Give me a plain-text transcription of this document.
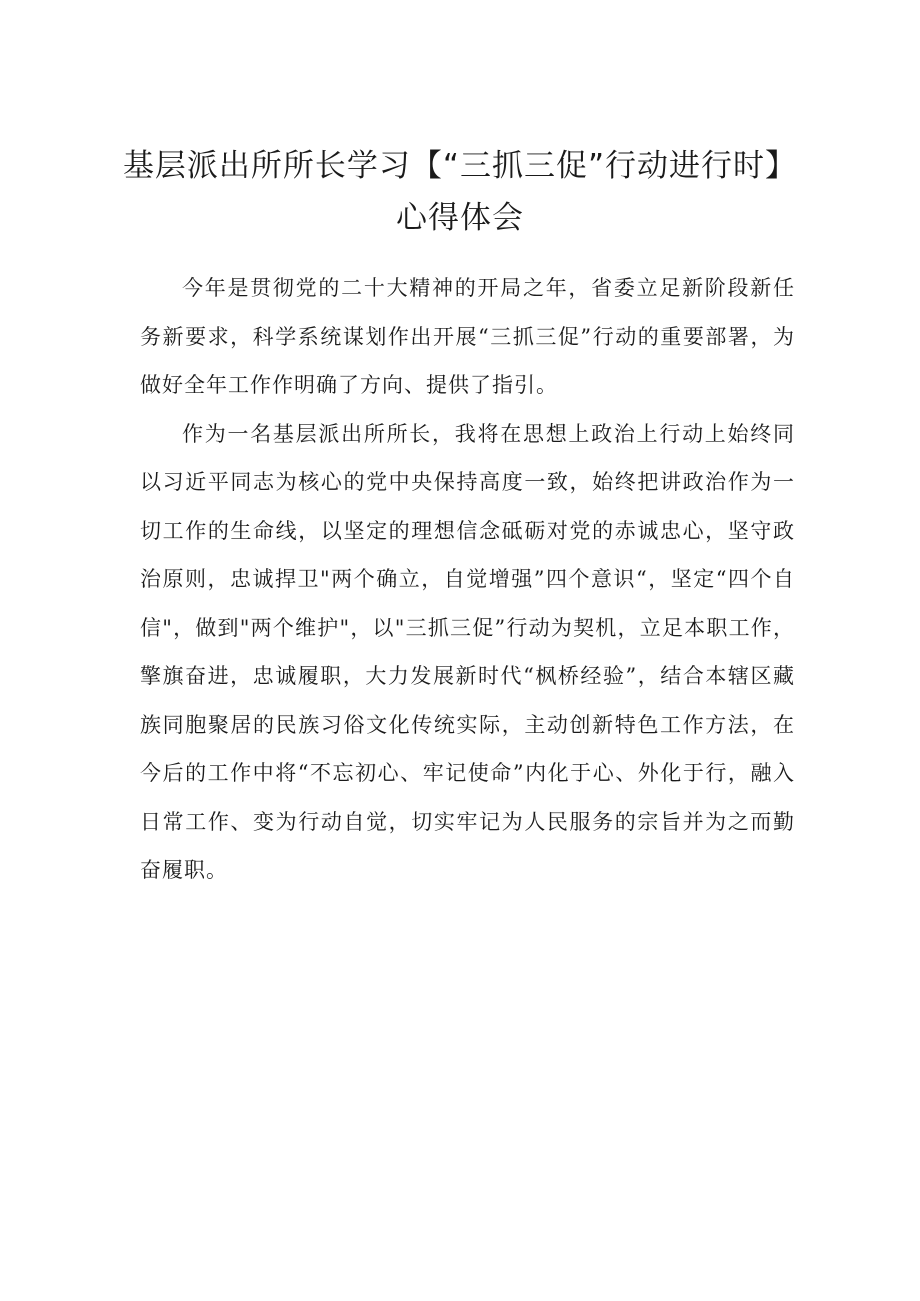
基层派出所所长学习【“三抓三促”行动进行时】心得体会

今年是贯彻党的二十大精神的开局之年，省委立足新阶段新任务新要求，科学系统谋划作出开展“三抓三促”行动的重要部署，为做好全年工作作明确了方向、提供了指引。

作为一名基层派出所所长，我将在思想上政治上行动上始终同以习近平同志为核心的党中央保持高度一致，始终把讲政治作为一切工作的生命线，以坚定的理想信念砥砺对党的赤诚忠心，坚守政治原则，忠诚捍卫"两个确立，自觉增强”四个意识“，坚定“四个自信"，做到"两个维护"，以"三抓三促”行动为契机，立足本职工作，擎旗奋进，忠诚履职，大力发展新时代“枫桥经验”，结合本辖区藏族同胞聚居的民族习俗文化传统实际，主动创新特色工作方法，在今后的工作中将“不忘初心、牢记使命”内化于心、外化于行，融入日常工作、变为行动自觉，切实牢记为人民服务的宗旨并为之而勤奋履职。
